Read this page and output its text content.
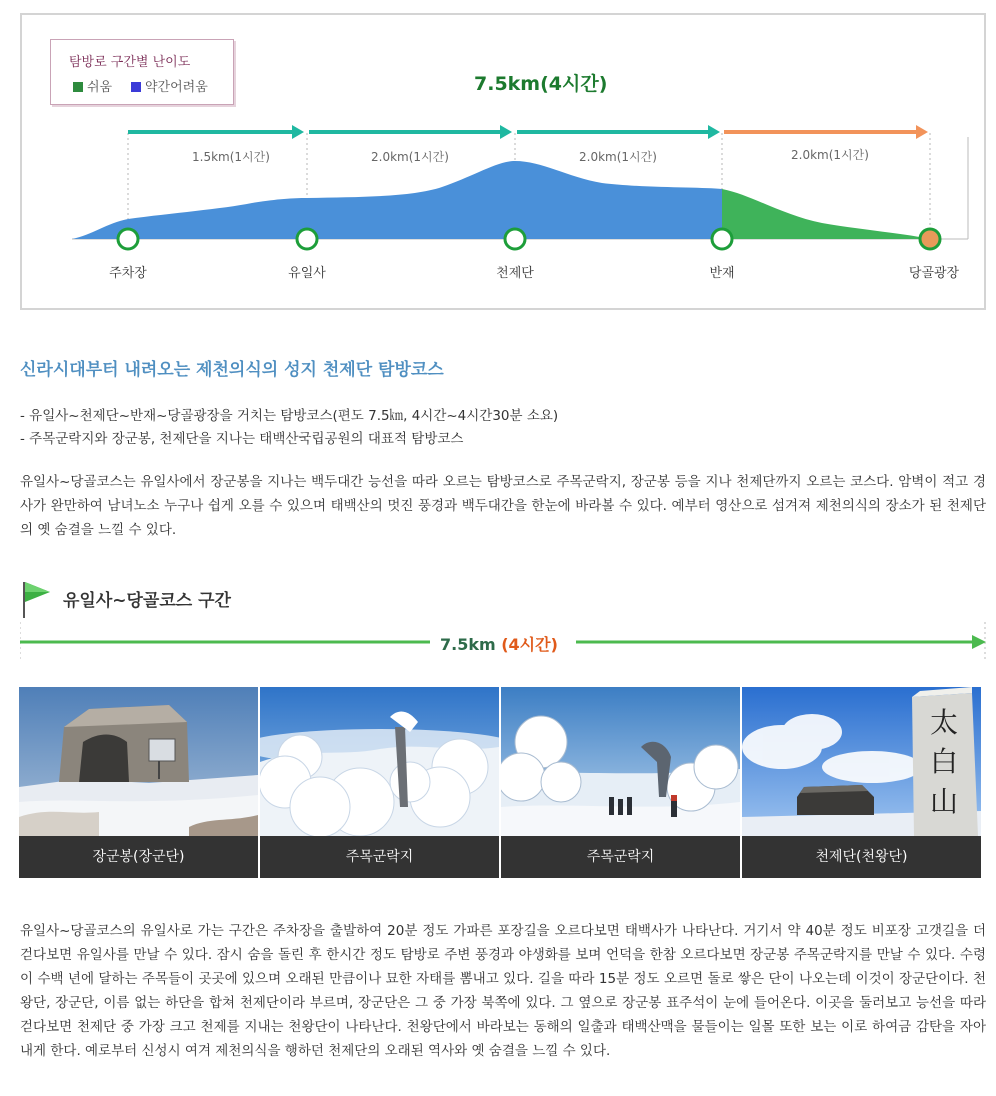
탐방로 구간별 난이도
쉬움	약간어려움	7.5km(4시간)
1.5km(1시간)	2.0km(1시간)	2.0km(1시간)	2.0km(1시간)
주차장	유일사	천제단	반재	당골광장
신라시대부터 내려오는 제천의식의 성지 천제단 탐방코스
- 유일사~천제단~반재~당골광장을 거치는 탐방코스(편도 7.5㎞, 4시간~4시간30분 소요)
- 주목군락지와 장군봉, 천제단을 지나는 태백산국립공원의 대표적 탐방코스

유일사~당골코스는 유일사에서 장군봉을 지나는 백두대간 능선을 따라 오르는 탐방코스로 주목군락지, 장군봉 등을 지나 천제단까지 오르는 코스다. 암벽이 적고 경사가 완만하여 남녀노소 누구나 쉽게 오를 수 있으며 태백산의 멋진 풍경과 백두대간을 한눈에 바라볼 수 있다. 예부터 영산으로 섬겨져 제천의식의 장소가 된 천제단의 옛 숨결을 느낄 수 있다.

유일사~당골코스 구간
7.5km (4시간)
장군봉(장군단)	주목군락지	주목군락지
太
白
山
천제단(천왕단)

유일사~당골코스의 유일사로 가는 구간은 주차장을 출발하여 20분 정도 가파른 포장길을 오르다보면 태백사가 나타난다. 거기서 약 40분 정도 비포장 고갯길을 더 걷다보면 유일사를 만날 수 있다. 잠시 숨을 돌린 후 한시간 정도 탐방로 주변 풍경과 야생화를 보며 언덕을 한참 오르다보면 장군봉 주목군락지를 만날 수 있다. 수령이 수백 년에 달하는 주목들이 곳곳에 있으며 오래된 만큼이나 묘한 자태를 뽐내고 있다. 길을 따라 15분 정도 오르면 돌로 쌓은 단이 나오는데 이것이 장군단이다. 천왕단, 장군단, 이름 없는 하단을 합쳐 천제단이라 부르며, 장군단은 그 중 가장 북쪽에 있다. 그 옆으로 장군봉 표주석이 눈에 들어온다. 이곳을 둘러보고 능선을 따라 걷다보면 천제단 중 가장 크고 천제를 지내는 천왕단이 나타난다. 천왕단에서 바라보는 동해의 일출과 태백산맥을 물들이는 일몰 또한 보는 이로 하여금 감탄을 자아내게 한다. 예로부터 신성시 여겨 제천의식을 행하던 천제단의 오래된 역사와 옛 숨결을 느낄 수 있다.
